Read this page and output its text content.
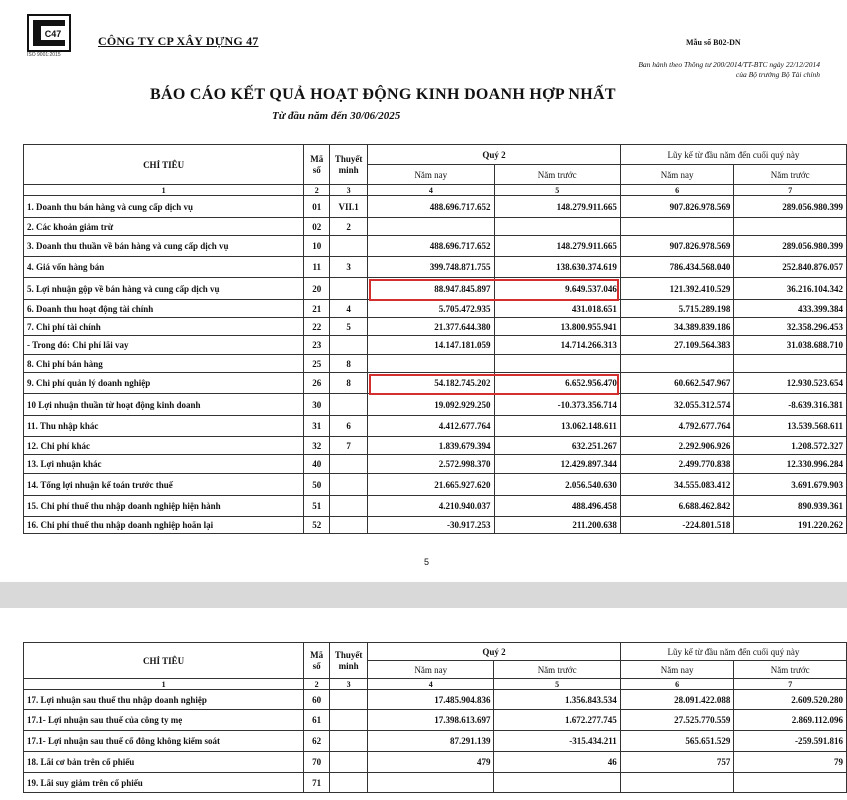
C47
ISO 9001:2015
CÔNG TY CP XÂY DỰNG 47	Mẫu số B02-DN
Ban hành theo Thông tư 200/2014/TT-BTC ngày 22/12/2014
của Bộ trưởng Bộ Tài chính
BÁO CÁO KẾT QUẢ HOẠT ĐỘNG KINH DOANH HỢP NHẤT
Từ đầu năm đến 30/06/2025
CHỈ TIÊU	Mã số	Thuyết minh	Quý 2		Lũy kế từ đầu năm đến cuối quý này	
			Năm nay	Năm trước	Năm nay	Năm trước
1	2	3	4	5	6	7
1. Doanh thu bán hàng và cung cấp dịch vụ	01	VII.1	488.696.717.652	148.279.911.665	907.826.978.569	289.056.980.399
2. Các khoản giảm trừ	02	2				
3. Doanh thu thuần về bán hàng và cung cấp dịch vụ	10		488.696.717.652	148.279.911.665	907.826.978.569	289.056.980.399
4. Giá vốn hàng bán	11	3	399.748.871.755	138.630.374.619	786.434.568.040	252.840.876.057
5. Lợi nhuận gộp về bán hàng và cung cấp dịch vụ	20		88.947.845.897	9.649.537.046	121.392.410.529	36.216.104.342
6. Doanh thu hoạt động tài chính	21	4	5.705.472.935	431.018.651	5.715.289.198	433.399.384
7. Chi phí tài chính	22	5	21.377.644.380	13.800.955.941	34.389.839.186	32.358.296.453
- Trong đó: Chi phí lãi vay	23		14.147.181.059	14.714.266.313	27.109.564.383	31.038.688.710
8. Chi phí bán hàng	25	8				
9. Chi phí quản lý doanh nghiệp	26	8	54.182.745.202	6.652.956.470	60.662.547.967	12.930.523.654
10 Lợi nhuận thuần từ hoạt động kinh doanh	30		19.092.929.250	-10.373.356.714	32.055.312.574	-8.639.316.381
11. Thu nhập khác	31	6	4.412.677.764	13.062.148.611	4.792.677.764	13.539.568.611
12. Chi phí khác	32	7	1.839.679.394	632.251.267	2.292.906.926	1.208.572.327
13. Lợi nhuận khác	40		2.572.998.370	12.429.897.344	2.499.770.838	12.330.996.284
14. Tổng lợi nhuận kế toán trước thuế	50		21.665.927.620	2.056.540.630	34.555.083.412	3.691.679.903
15. Chi phí thuế thu nhập doanh nghiệp hiện hành	51		4.210.940.037	488.496.458	6.688.462.842	890.939.361
16. Chi phí thuế thu nhập doanh nghiệp hoãn lại	52		-30.917.253	211.200.638	-224.801.518	191.220.262
5
CHỈ TIÊU	Mã số	Thuyết minh	Quý 2		Lũy kế từ đầu năm đến cuối quý này	
			Năm nay	Năm trước	Năm nay	Năm trước
1	2	3	4	5	6	7
17. Lợi nhuận sau thuế thu nhập doanh nghiệp	60		17.485.904.836	1.356.843.534	28.091.422.088	2.609.520.280
17.1- Lợi nhuận sau thuế của công ty mẹ	61		17.398.613.697	1.672.277.745	27.525.770.559	2.869.112.096
17.1- Lợi nhuận sau thuế cổ đông không kiểm soát	62		87.291.139	-315.434.211	565.651.529	-259.591.816
18. Lãi cơ bản trên cổ phiếu	70		479	46	757	79
19. Lãi suy giảm trên cổ phiếu	71					
